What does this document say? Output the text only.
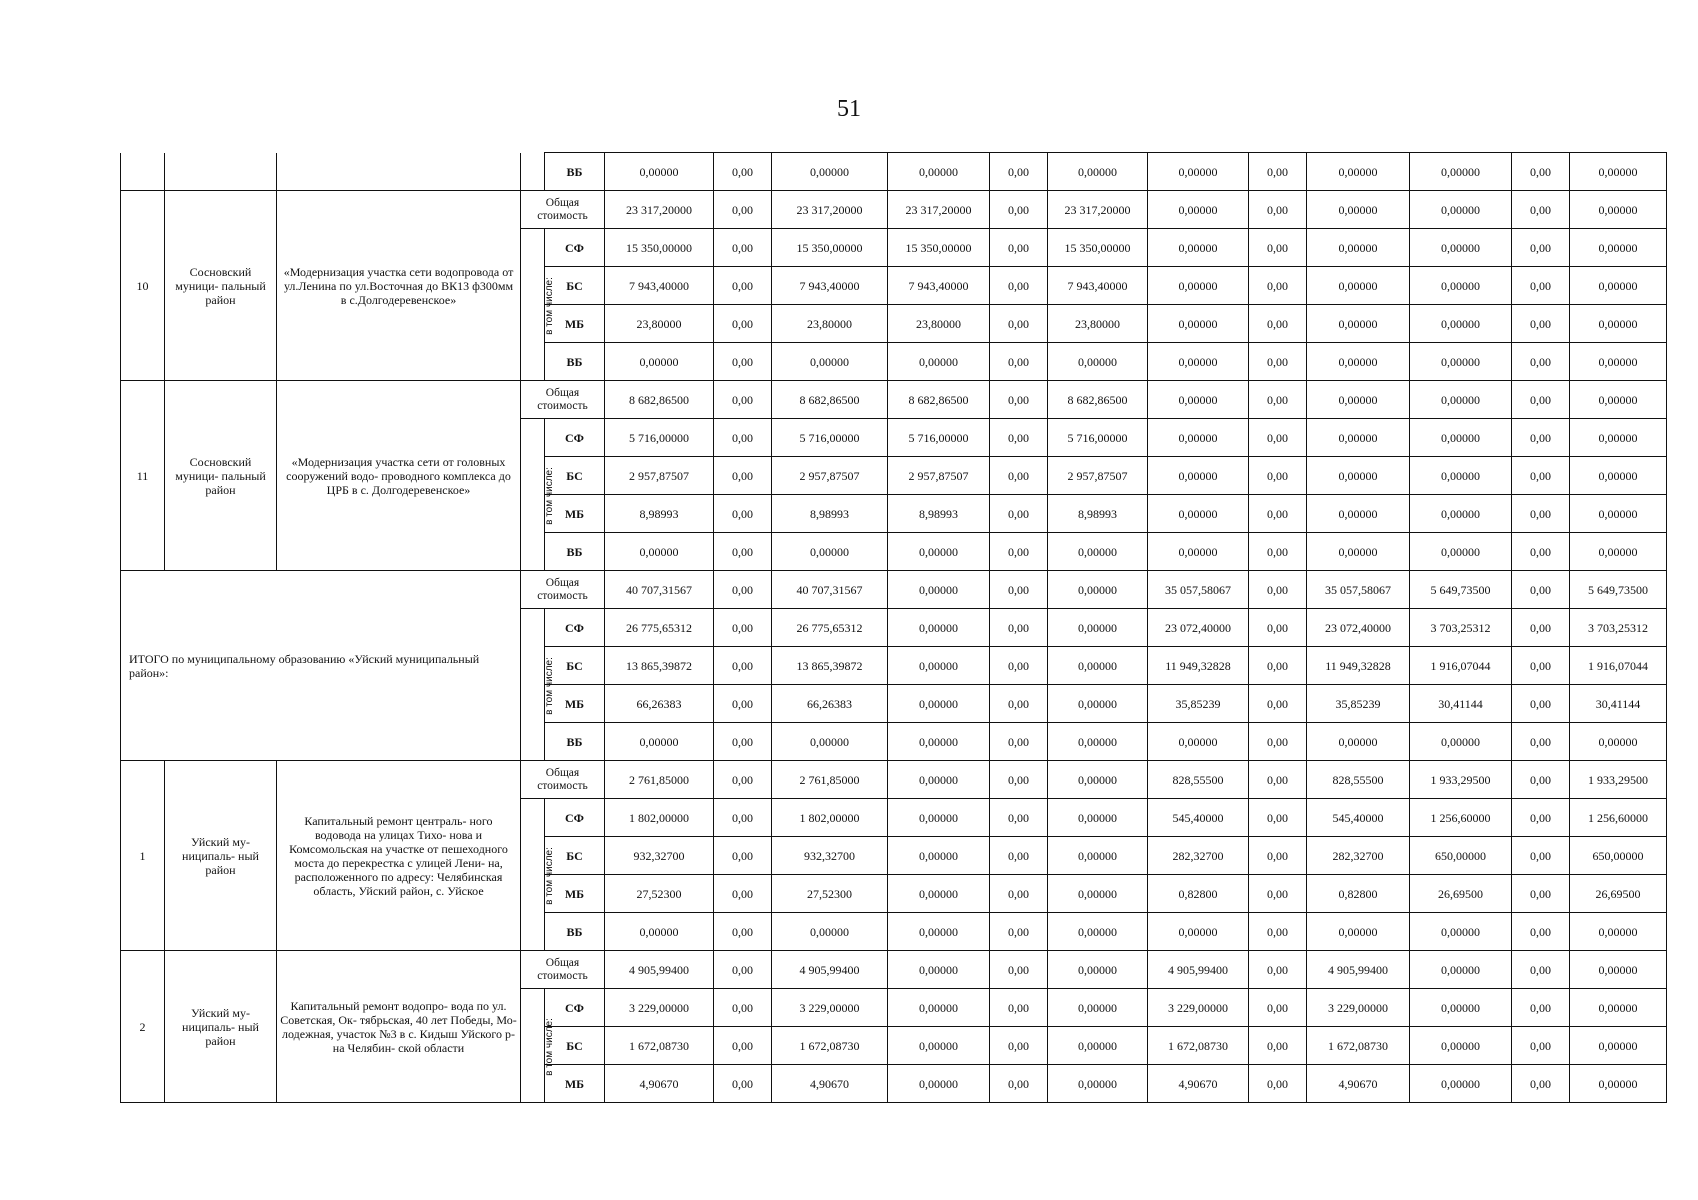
51
				ВБ	0,00000	0,00	0,00000	0,00000	0,00	0,00000	0,00000	0,00	0,00000	0,00000	0,00	0,00000
10	Сосновский муници- пальный район	«Модернизация участка сети водопровода от ул.Ленина по ул.Восточная до ВК13 ф300мм в с.Долгодеревенское»	Общая стоимость		23 317,20000	0,00	23 317,20000	23 317,20000	0,00	23 317,20000	0,00000	0,00	0,00000	0,00000	0,00	0,00000
			в том числе:	СФ	15 350,00000	0,00	15 350,00000	15 350,00000	0,00	15 350,00000	0,00000	0,00	0,00000	0,00000	0,00	0,00000
				БС	7 943,40000	0,00	7 943,40000	7 943,40000	0,00	7 943,40000	0,00000	0,00	0,00000	0,00000	0,00	0,00000
				МБ	23,80000	0,00	23,80000	23,80000	0,00	23,80000	0,00000	0,00	0,00000	0,00000	0,00	0,00000
				ВБ	0,00000	0,00	0,00000	0,00000	0,00	0,00000	0,00000	0,00	0,00000	0,00000	0,00	0,00000
11	Сосновский муници- пальный район	«Модернизация участка сети от головных сооружений водо- проводного комплекса до ЦРБ в с. Долгодеревенское»	Общая стоимость		8 682,86500	0,00	8 682,86500	8 682,86500	0,00	8 682,86500	0,00000	0,00	0,00000	0,00000	0,00	0,00000
			в том числе:	СФ	5 716,00000	0,00	5 716,00000	5 716,00000	0,00	5 716,00000	0,00000	0,00	0,00000	0,00000	0,00	0,00000
				БС	2 957,87507	0,00	2 957,87507	2 957,87507	0,00	2 957,87507	0,00000	0,00	0,00000	0,00000	0,00	0,00000
				МБ	8,98993	0,00	8,98993	8,98993	0,00	8,98993	0,00000	0,00	0,00000	0,00000	0,00	0,00000
				ВБ	0,00000	0,00	0,00000	0,00000	0,00	0,00000	0,00000	0,00	0,00000	0,00000	0,00	0,00000
ИТОГО по муниципальному образованию «Уйский муниципальный район»:			Общая стоимость		40 707,31567	0,00	40 707,31567	0,00000	0,00	0,00000	35 057,58067	0,00	35 057,58067	5 649,73500	0,00	5 649,73500
			в том числе:	СФ	26 775,65312	0,00	26 775,65312	0,00000	0,00	0,00000	23 072,40000	0,00	23 072,40000	3 703,25312	0,00	3 703,25312
				БС	13 865,39872	0,00	13 865,39872	0,00000	0,00	0,00000	11 949,32828	0,00	11 949,32828	1 916,07044	0,00	1 916,07044
				МБ	66,26383	0,00	66,26383	0,00000	0,00	0,00000	35,85239	0,00	35,85239	30,41144	0,00	30,41144
				ВБ	0,00000	0,00	0,00000	0,00000	0,00	0,00000	0,00000	0,00	0,00000	0,00000	0,00	0,00000
1	Уйский му- ниципаль- ный район	Капитальный ремонт централь- ного водовода на улицах Тихо- нова и Комсомольская на участке от пешеходного моста до перекрестка с улицей Лени- на, расположенного по адресу: Челябинская область, Уйский район, с. Уйское	Общая стоимость		2 761,85000	0,00	2 761,85000	0,00000	0,00	0,00000	828,55500	0,00	828,55500	1 933,29500	0,00	1 933,29500
			в том числе:	СФ	1 802,00000	0,00	1 802,00000	0,00000	0,00	0,00000	545,40000	0,00	545,40000	1 256,60000	0,00	1 256,60000
				БС	932,32700	0,00	932,32700	0,00000	0,00	0,00000	282,32700	0,00	282,32700	650,00000	0,00	650,00000
				МБ	27,52300	0,00	27,52300	0,00000	0,00	0,00000	0,82800	0,00	0,82800	26,69500	0,00	26,69500
				ВБ	0,00000	0,00	0,00000	0,00000	0,00	0,00000	0,00000	0,00	0,00000	0,00000	0,00	0,00000
2	Уйский му- ниципаль- ный район	Капитальный ремонт водопро- вода по ул. Советская, Ок- тябрьская, 40 лет Победы, Мо- лодежная, участок №3 в с. Кидыш Уйского р-на Челябин- ской области	Общая стоимость		4 905,99400	0,00	4 905,99400	0,00000	0,00	0,00000	4 905,99400	0,00	4 905,99400	0,00000	0,00	0,00000
			в том числе:	СФ	3 229,00000	0,00	3 229,00000	0,00000	0,00	0,00000	3 229,00000	0,00	3 229,00000	0,00000	0,00	0,00000
				БС	1 672,08730	0,00	1 672,08730	0,00000	0,00	0,00000	1 672,08730	0,00	1 672,08730	0,00000	0,00	0,00000
				МБ	4,90670	0,00	4,90670	0,00000	0,00	0,00000	4,90670	0,00	4,90670	0,00000	0,00	0,00000
